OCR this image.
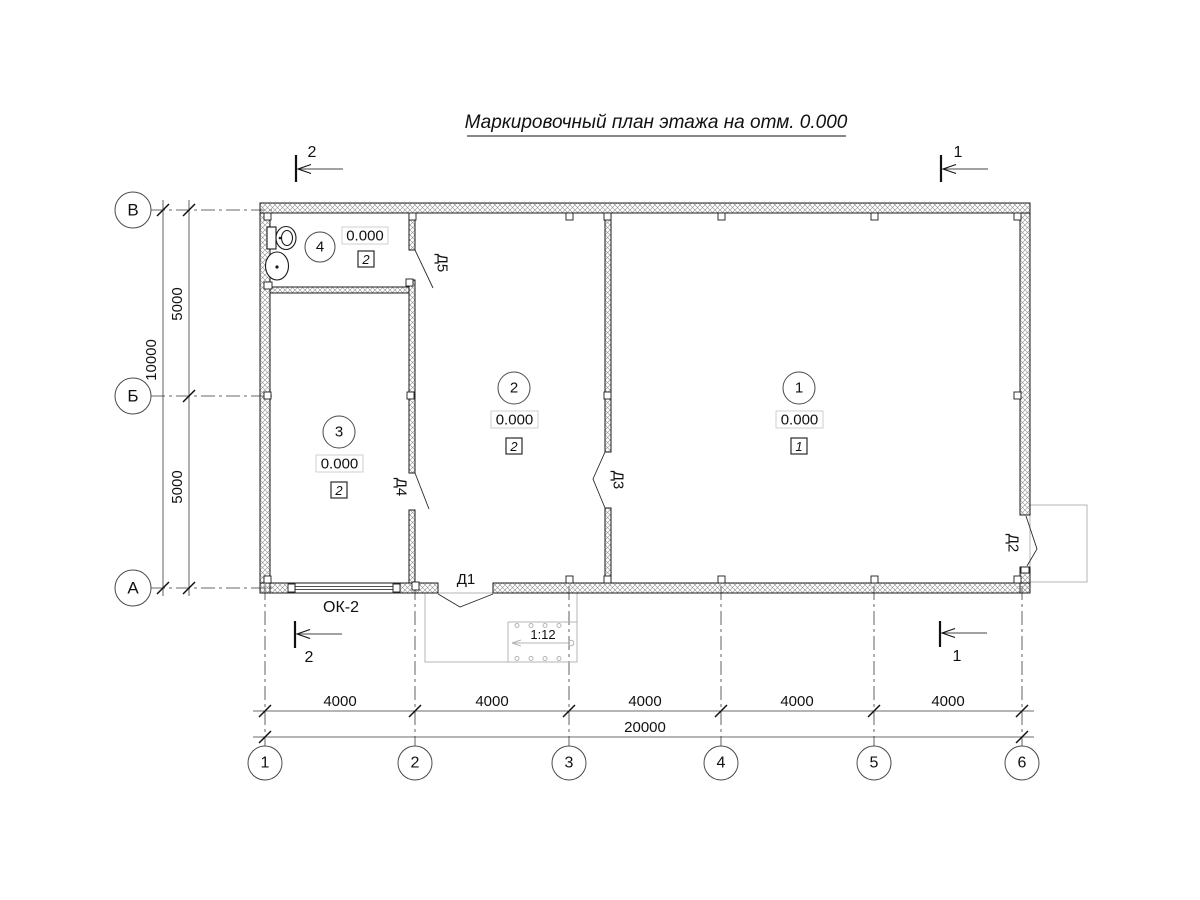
Маркировочный план этажа на отм. 0.000
1:12
ОК-2
Д1
Д2
Д3
Д4
Д5
1
0.000
1
2
0.000
2
3
0.000
2
4
0.000
2
5000
5000
10000
4000	4000	4000	4000	4000
20000
В
Б
А
1	2	3	4	5	6
2	1
2	1
